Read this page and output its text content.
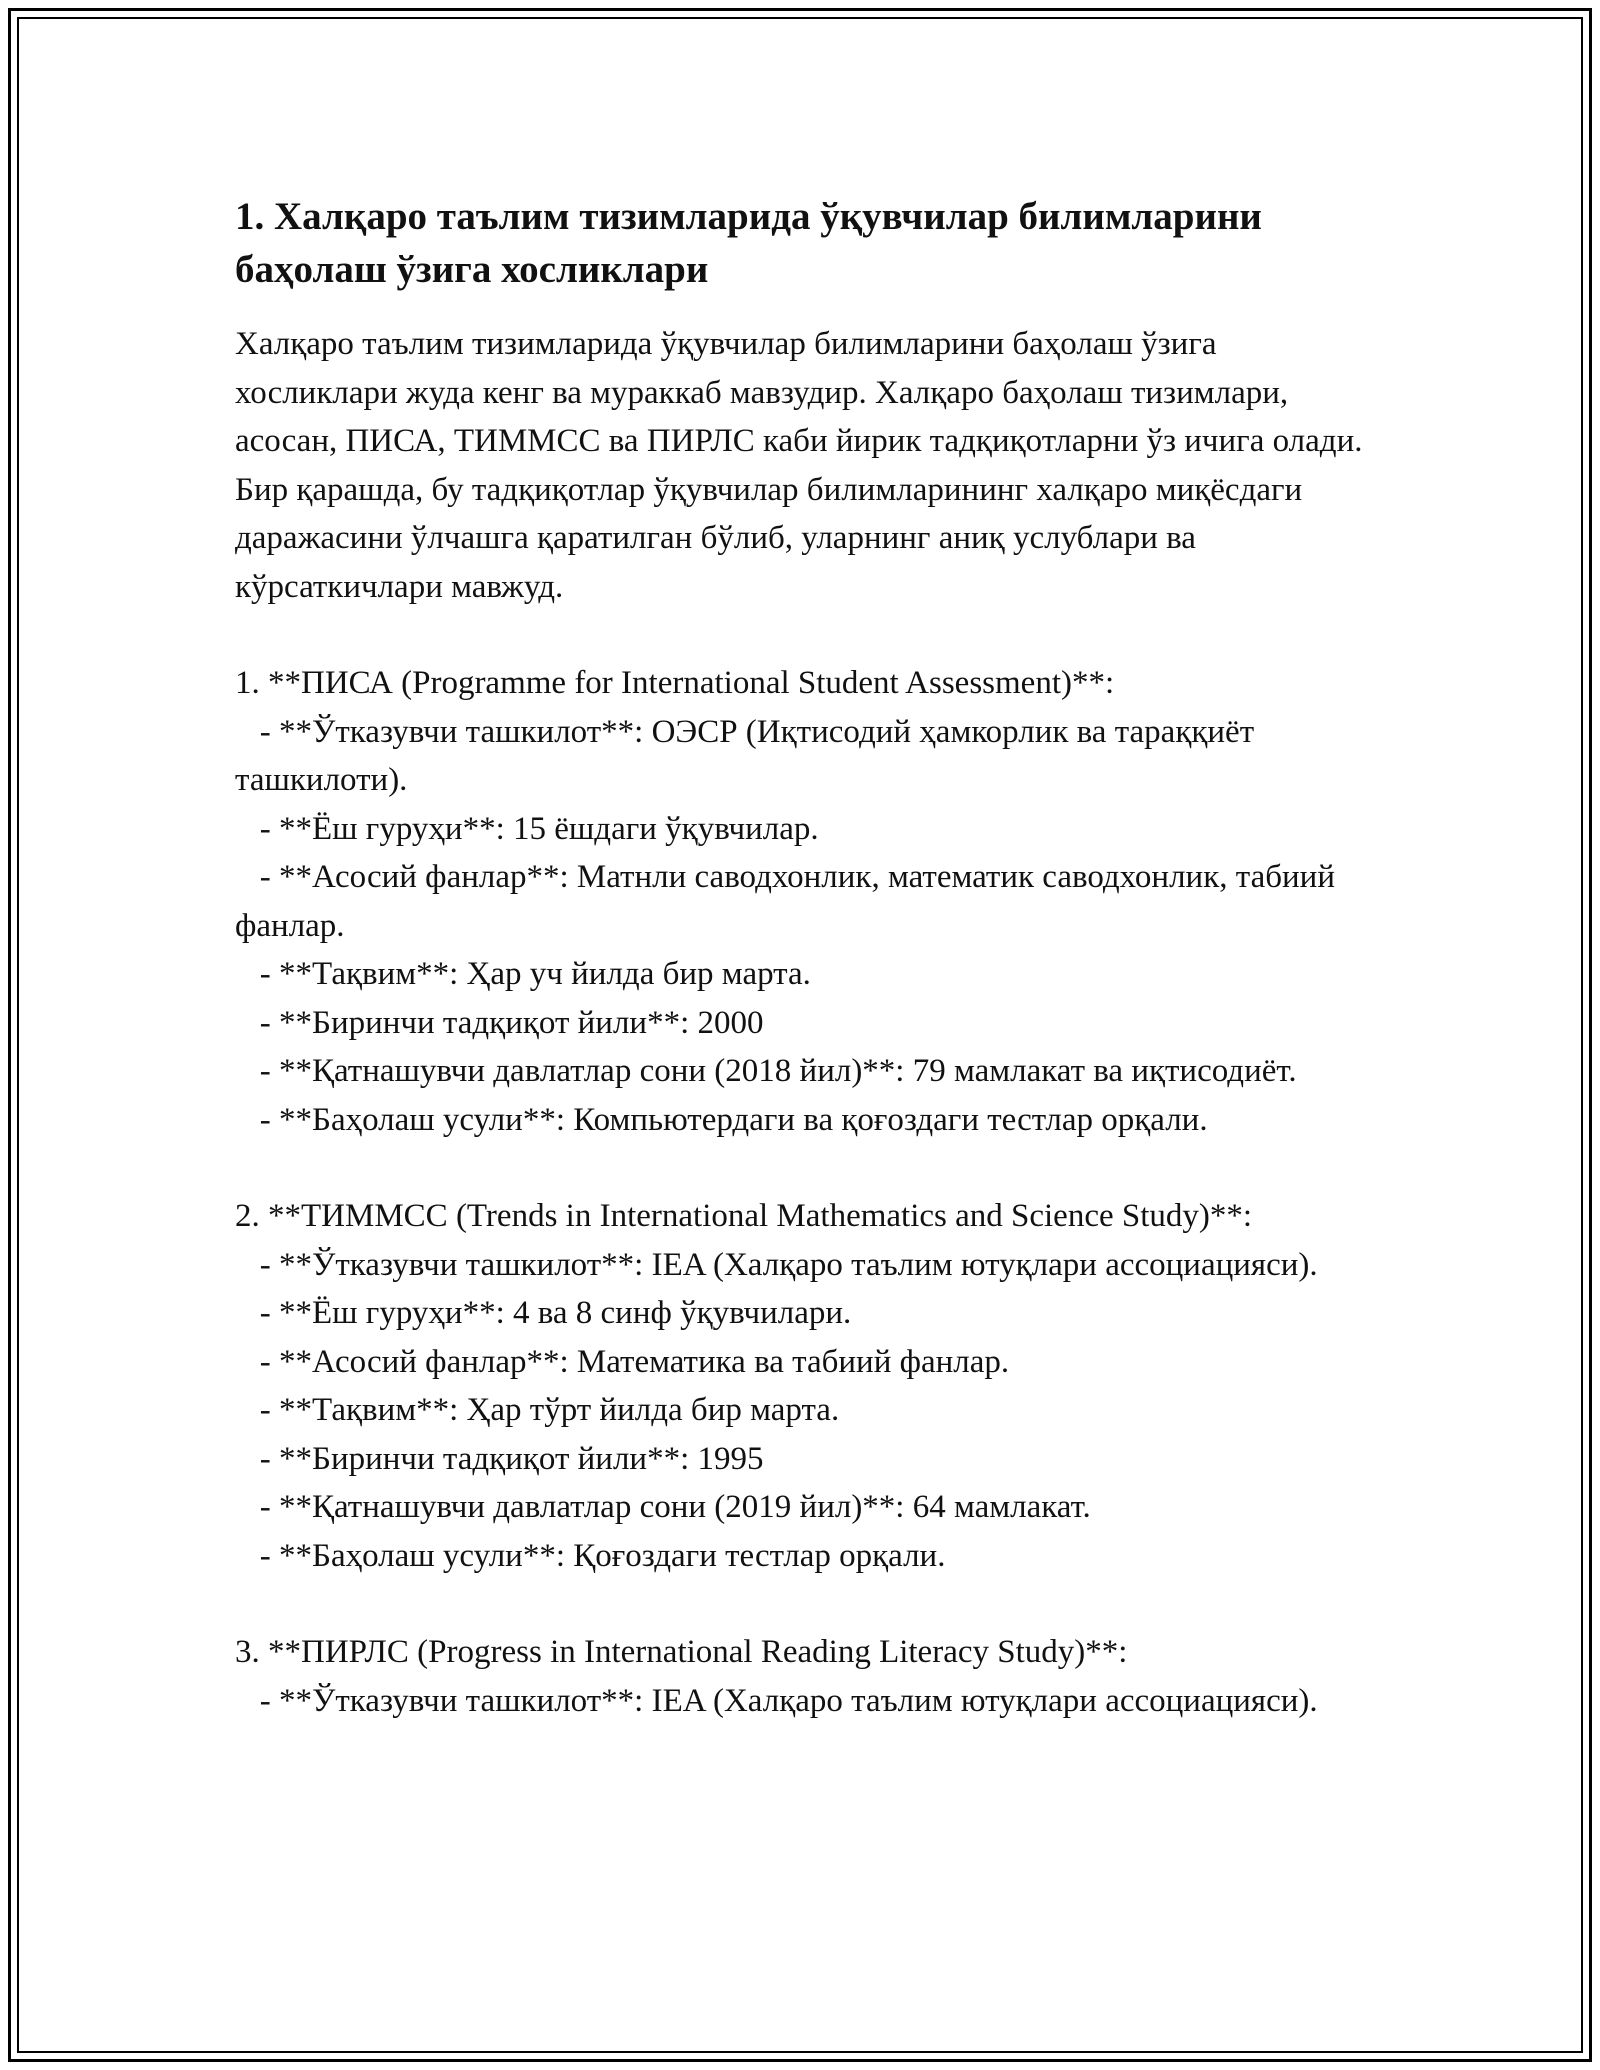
1. Халқаро таълим тизимларида ўқувчилар билимларини баҳолаш ўзига хосликлари

Халқаро таълим тизимларида ўқувчилар билимларини баҳолаш ўзига хосликлари жуда кенг ва мураккаб мавзудир. Халқаро баҳолаш тизимлари, асосан, ПИСА, ТИММСС ва ПИРЛС каби йирик тадқиқотларни ўз ичига олади. Бир қарашда, бу тадқиқотлар ўқувчилар билимларининг халқаро миқёсдаги даражасини ўлчашга қаратилган бўлиб, уларнинг аниқ услублари ва кўрсаткичлари мавжуд.

1. **ПИСА (Programme for International Student Assessment)**:

- **Ўтказувчи ташкилот**: ОЭСР (Иқтисодий ҳамкорлик ва тараққиёт ташкилоти).

- **Ёш гуруҳи**: 15 ёшдаги ўқувчилар.

- **Асосий фанлар**: Матнли саводхонлик, математик саводхонлик, табиий фанлар.

- **Тақвим**: Ҳар уч йилда бир марта.

- **Биринчи тадқиқот йили**: 2000

- **Қатнашувчи давлатлар сони (2018 йил)**: 79 мамлакат ва иқтисодиёт.

- **Баҳолаш усули**: Компьютердаги ва қоғоздаги тестлар орқали.

2. **ТИММСС (Trends in International Mathematics and Science Study)**:

- **Ўтказувчи ташкилот**: IEA (Халқаро таълим ютуқлари ассоциацияси).

- **Ёш гуруҳи**: 4 ва 8 синф ўқувчилари.

- **Асосий фанлар**: Математика ва табиий фанлар.

- **Тақвим**: Ҳар тўрт йилда бир марта.

- **Биринчи тадқиқот йили**: 1995

- **Қатнашувчи давлатлар сони (2019 йил)**: 64 мамлакат.

- **Баҳолаш усули**: Қоғоздаги тестлар орқали.

3. **ПИРЛС (Progress in International Reading Literacy Study)**:

- **Ўтказувчи ташкилот**: IEA (Халқаро таълим ютуқлари ассоциацияси).
